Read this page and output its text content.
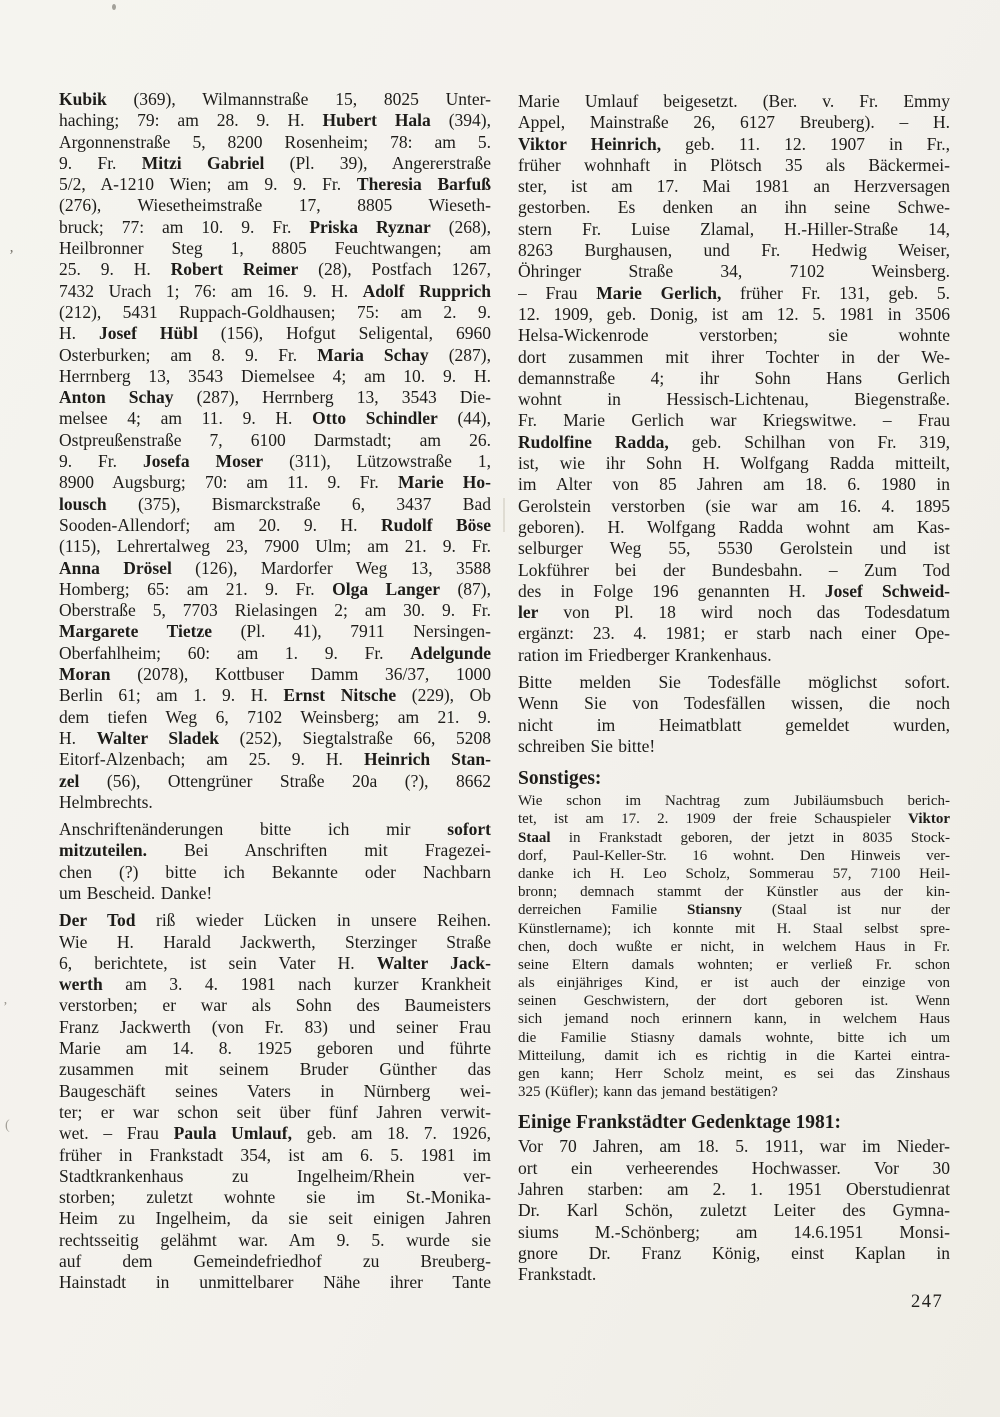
Kubik (369), Wilmannstraße 15, 8025 Unter-
haching; 79: am 28. 9. H. Hubert Hala (394),
Argonnenstraße 5, 8200 Rosenheim; 78: am 5.
9. Fr. Mitzi Gabriel (Pl. 39), Angererstraße
5/2, A-1210 Wien; am 9. 9. Fr. Theresia Barfuß
(276), Wiesetheimstraße 17, 8805 Wieseth-
bruck; 77: am 10. 9. Fr. Priska Ryznar (268),
Heilbronner Steg 1, 8805 Feuchtwangen; am
25. 9. H. Robert Reimer (28), Postfach 1267,
7432 Urach 1; 76: am 16. 9. H. Adolf Rupprich
(212), 5431 Ruppach-Goldhausen; 75: am 2. 9.
H. Josef Hübl (156), Hofgut Seligental, 6960
Osterburken; am 8. 9. Fr. Maria Schay (287),
Herrnberg 13, 3543 Diemelsee 4; am 10. 9. H.
Anton Schay (287), Herrnberg 13, 3543 Die-
melsee 4; am 11. 9. H. Otto Schindler (44),
Ostpreußenstraße 7, 6100 Darmstadt; am 26.
9. Fr. Josefa Moser (311), Lützowstraße 1,
8900 Augsburg; 70: am 11. 9. Fr. Marie Ho-
lousch (375), Bismarckstraße 6, 3437 Bad
Sooden-Allendorf; am 20. 9. H. Rudolf Böse
(115), Lehrertalweg 23, 7900 Ulm; am 21. 9. Fr.
Anna Drösel (126), Mardorfer Weg 13, 3588
Homberg; 65: am 21. 9. Fr. Olga Langer (87),
Oberstraße 5, 7703 Rielasingen 2; am 30. 9. Fr.
Margarete Tietze (Pl. 41), 7911 Nersingen-
Oberfahlheim; 60: am 1. 9. Fr. Adelgunde
Moran (2078), Kottbuser Damm 36/37, 1000
Berlin 61; am 1. 9. H. Ernst Nitsche (229), Ob
dem tiefen Weg 6, 7102 Weinsberg; am 21. 9.
H. Walter Sladek (252), Siegtalstraße 66, 5208
Eitorf-Alzenbach; am 25. 9. H. Heinrich Stan-
zel (56), Ottengrüner Straße 20a (?), 8662
Helmbrechts.
Anschriftenänderungen bitte ich mir sofort
mitzuteilen. Bei Anschriften mit Fragezei-
chen (?) bitte ich Bekannte oder Nachbarn
um Bescheid. Danke!
Der Tod riß wieder Lücken in unsere Reihen.
Wie H. Harald Jackwerth, Sterzinger Straße
6, berichtete, ist sein Vater H. Walter Jack-
werth am 3. 4. 1981 nach kurzer Krankheit
verstorben; er war als Sohn des Baumeisters
Franz Jackwerth (von Fr. 83) und seiner Frau
Marie am 14. 8. 1925 geboren und führte
zusammen mit seinem Bruder Günther das
Baugeschäft seines Vaters in Nürnberg wei-
ter; er war schon seit über fünf Jahren verwit-
wet. – Frau Paula Umlauf, geb. am 18. 7. 1926,
früher in Frankstadt 354, ist am 6. 5. 1981 im
Stadtkrankenhaus zu Ingelheim/Rhein ver-
storben; zuletzt wohnte sie im St.-Monika-
Heim zu Ingelheim, da sie seit einigen Jahren
rechtsseitig gelähmt war. Am 9. 5. wurde sie
auf dem Gemeindefriedhof zu Breuberg-
Hainstadt in unmittelbarer Nähe ihrer Tante
Marie Umlauf beigesetzt. (Ber. v. Fr. Emmy
Appel, Mainstraße 26, 6127 Breuberg). – H.
Viktor Heinrich, geb. 11. 12. 1907 in Fr.,
früher wohnhaft in Plötsch 35 als Bäckermei-
ster, ist am 17. Mai 1981 an Herzversagen
gestorben. Es denken an ihn seine Schwe-
stern Fr. Luise Zlamal, H.-Hiller-Straße 14,
8263 Burghausen, und Fr. Hedwig Weiser,
Öhringer Straße 34, 7102 Weinsberg.
– Frau Marie Gerlich, früher Fr. 131, geb. 5.
12. 1909, geb. Donig, ist am 12. 5. 1981 in 3506
Helsa-Wickenrode verstorben; sie wohnte
dort zusammen mit ihrer Tochter in der We-
demannstraße 4; ihr Sohn Hans Gerlich
wohnt in Hessisch-Lichtenau, Biegenstraße.
Fr. Marie Gerlich war Kriegswitwe. – Frau
Rudolfine Radda, geb. Schilhan von Fr. 319,
ist, wie ihr Sohn H. Wolfgang Radda mitteilt,
im Alter von 85 Jahren am 18. 6. 1980 in
Gerolstein verstorben (sie war am 16. 4. 1895
geboren). H. Wolfgang Radda wohnt am Kas-
selburger Weg 55, 5530 Gerolstein und ist
Lokführer bei der Bundesbahn. – Zum Tod
des in Folge 196 genannten H. Josef Schweid-
ler von Pl. 18 wird noch das Todesdatum
ergänzt: 23. 4. 1981; er starb nach einer Ope-
ration im Friedberger Krankenhaus.
Bitte melden Sie Todesfälle möglichst sofort.
Wenn Sie von Todesfällen wissen, die noch
nicht im Heimatblatt gemeldet wurden,
schreiben Sie bitte!
Sonstiges:
Wie schon im Nachtrag zum Jubiläumsbuch berich-
tet, ist am 17. 2. 1909 der freie Schauspieler Viktor
Staal in Frankstadt geboren, der jetzt in 8035 Stock-
dorf, Paul-Keller-Str. 16 wohnt. Den Hinweis ver-
danke ich H. Leo Scholz, Sommerau 57, 7100 Heil-
bronn; demnach stammt der Künstler aus der kin-
derreichen Familie Stiansny (Staal ist nur der
Künstlername); ich konnte mit H. Staal selbst spre-
chen, doch wußte er nicht, in welchem Haus in Fr.
seine Eltern damals wohnten; er verließ Fr. schon
als einjähriges Kind, er ist auch der einzige von
seinen Geschwistern, der dort geboren ist. Wenn
sich jemand noch erinnern kann, in welchem Haus
die Familie Stiasny damals wohnte, bitte ich um
Mitteilung, damit ich es richtig in die Kartei eintra-
gen kann; Herr Scholz meint, es sei das Zinshaus
325 (Küfler); kann das jemand bestätigen?
Einige Frankstädter Gedenktage 1981:
Vor 70 Jahren, am 18. 5. 1911, war im Nieder-
ort ein verheerendes Hochwasser. Vor 30
Jahren starben: am 2. 1. 1951 Oberstudienrat
Dr. Karl Schön, zuletzt Leiter des Gymna-
siums M.-Schönberg; am 14.6.1951 Monsi-
gnore Dr. Franz König, einst Kaplan in
Frankstadt.
247
ʼ
ʼ
(
